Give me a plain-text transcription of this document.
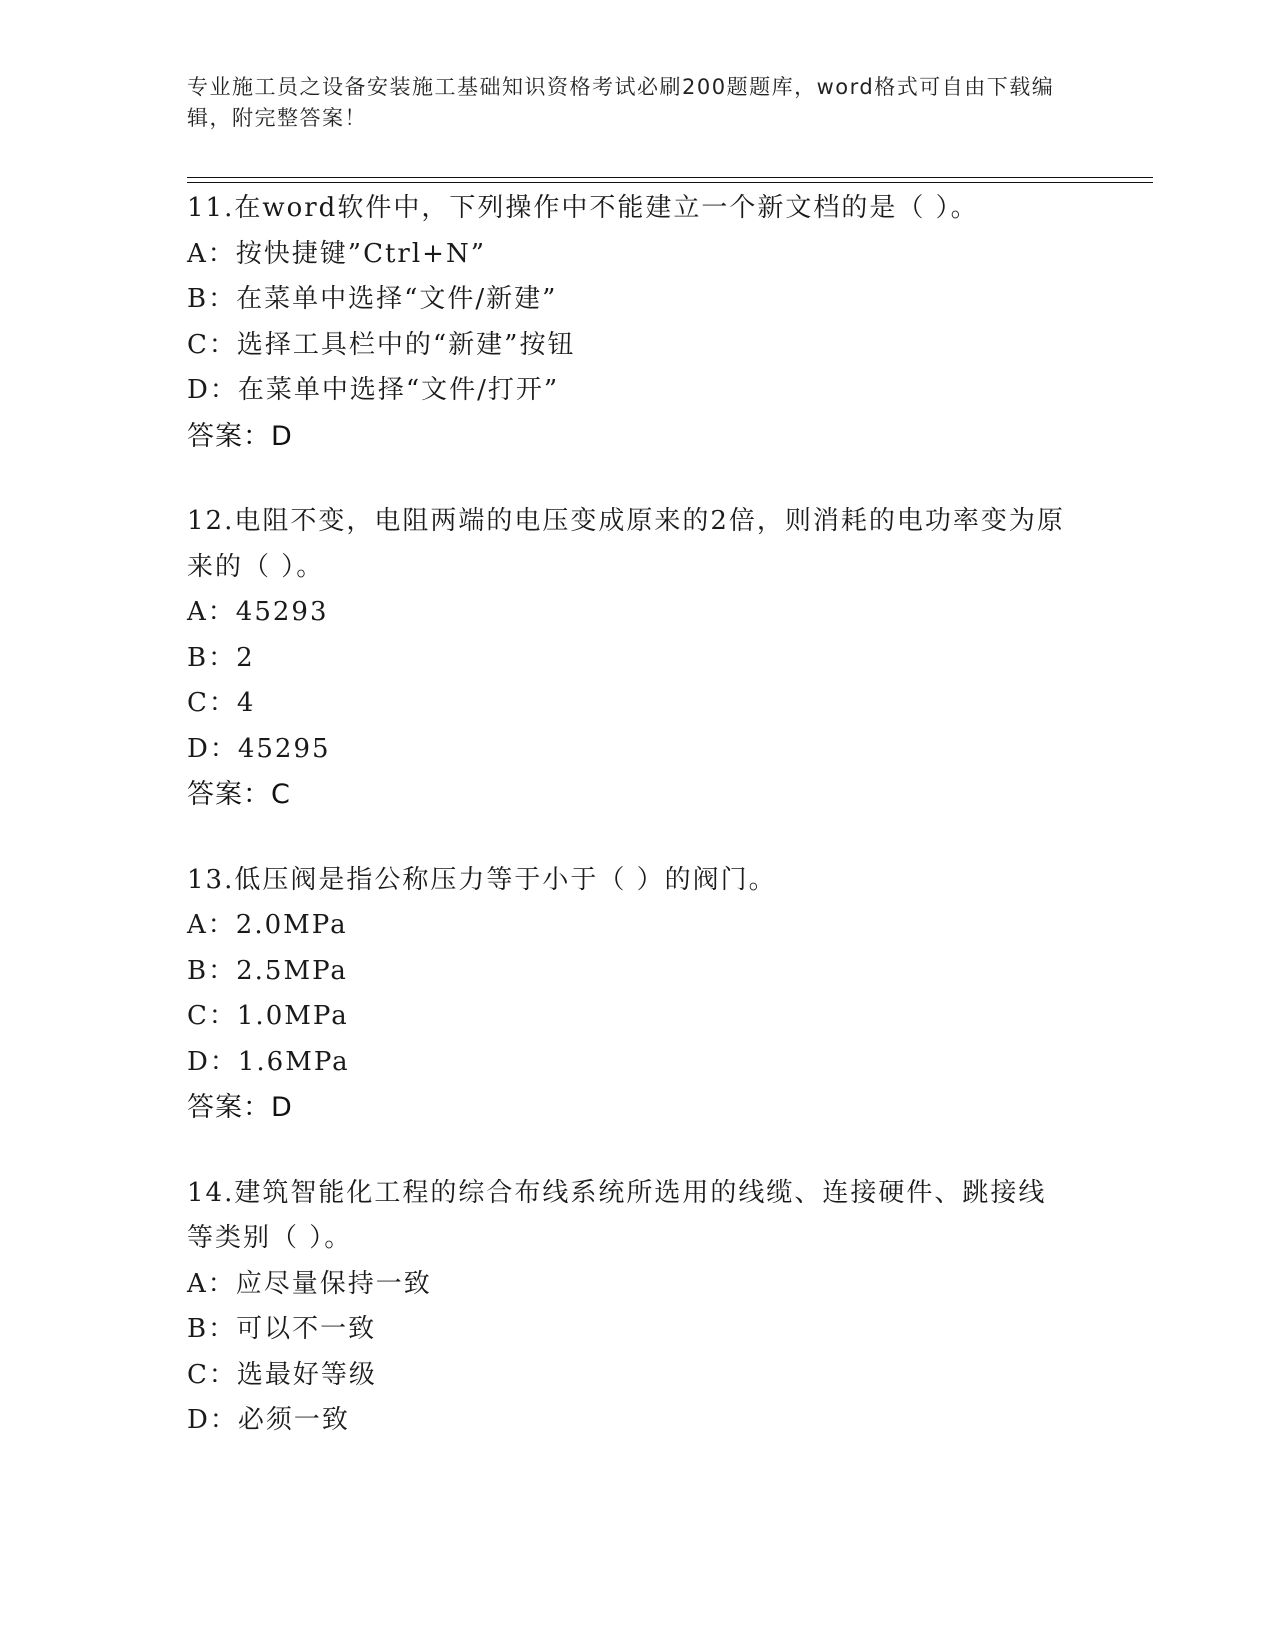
专业施工员之设备安装施工基础知识资格考试必刷200题题库，word格式可自由下载编辑，附完整答案！
11.在word软件中，下列操作中不能建立一个新文档的是（ ）。
A：按快捷键”Ctrl+N”
B：在菜单中选择“文件/新建”
C：选择工具栏中的“新建”按钮
D：在菜单中选择“文件/打开”
答案：D
12.电阻不变，电阻两端的电压变成原来的2倍，则消耗的电功率变为原来的（ ）。
A：45293
B：2
C：4
D：45295
答案：C
13.低压阀是指公称压力等于小于（ ）的阀门。
A：2.0MPa
B：2.5MPa
C：1.0MPa
D：1.6MPa
答案：D
14.建筑智能化工程的综合布线系统所选用的线缆、连接硬件、跳接线等类别（ ）。
A：应尽量保持一致
B：可以不一致
C：选最好等级
D：必须一致
